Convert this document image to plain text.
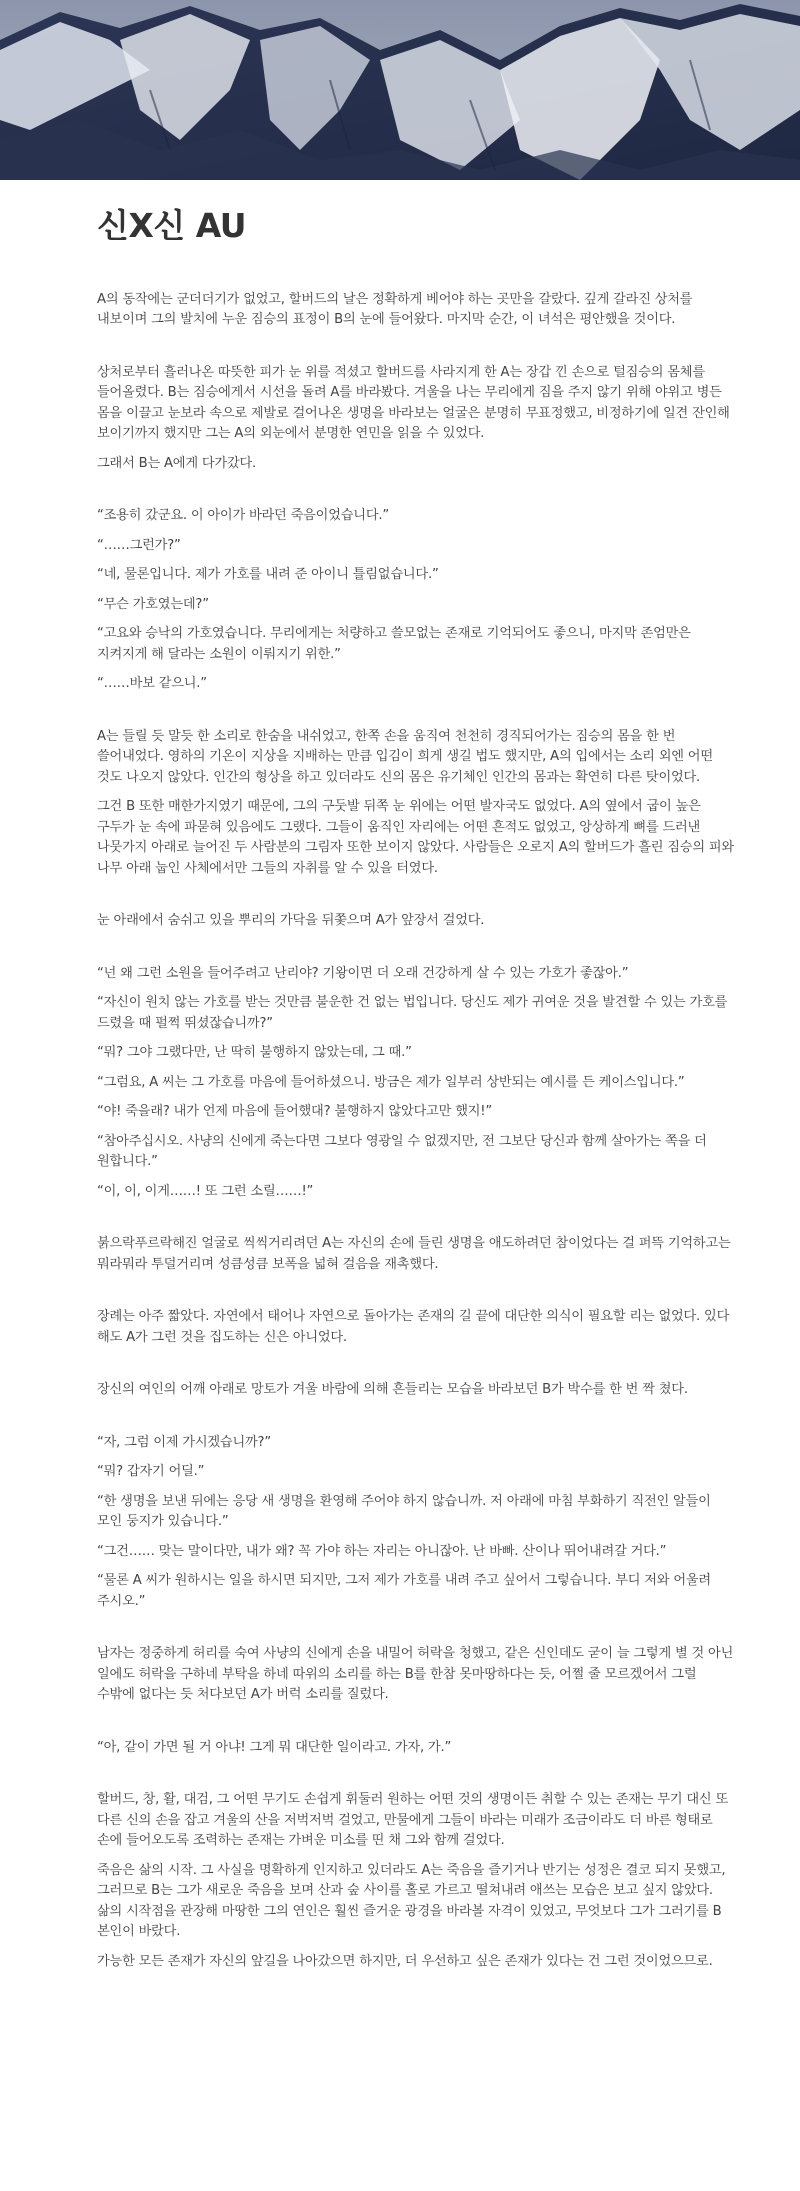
신X신 AU

A의 동작에는 군더더기가 없었고, 할버드의 날은 정확하게 베어야 하는 곳만을 갈랐다. 깊게 갈라진 상처를 내보이며 그의 발치에 누운 짐승의 표정이 B의 눈에 들어왔다. 마지막 순간, 이 녀석은 평안했을 것이다.

상처로부터 흘러나온 따뜻한 피가 눈 위를 적셨고 할버드를 사라지게 한 A는 장갑 낀 손으로 털짐승의 몸체를 들어올렸다. B는 짐승에게서 시선을 돌려 A를 바라봤다. 겨울을 나는 무리에게 짐을 주지 않기 위해 야위고 병든 몸을 이끌고 눈보라 속으로 제발로 걸어나온 생명을 바라보는 얼굴은 분명히 무표정했고, 비정하기에 일견 잔인해 보이기까지 했지만 그는 A의 외눈에서 분명한 연민을 읽을 수 있었다.

그래서 B는 A에게 다가갔다.

“조용히 갔군요. 이 아이가 바라던 죽음이었습니다.”

“……그런가?”

“네, 물론입니다. 제가 가호를 내려 준 아이니 틀림없습니다.”

“무슨 가호였는데?”

“고요와 승낙의 가호였습니다. 무리에게는 처량하고 쓸모없는 존재로 기억되어도 좋으니, 마지막 존엄만은 지켜지게 해 달라는 소원이 이뤄지기 위한.”

“……바보 같으니.”

A는 들릴 듯 말듯 한 소리로 한숨을 내쉬었고, 한쪽 손을 움직여 천천히 경직되어가는 짐승의 몸을 한 번 쓸어내었다. 영하의 기온이 지상을 지배하는 만큼 입김이 희게 생길 법도 했지만, A의 입에서는 소리 외엔 어떤 것도 나오지 않았다. 인간의 형상을 하고 있더라도 신의 몸은 유기체인 인간의 몸과는 확연히 다른 탓이었다.

그건 B 또한 매한가지였기 때문에, 그의 구둣발 뒤쪽 눈 위에는 어떤 발자국도 없었다. A의 옆에서 굽이 높은 구두가 눈 속에 파묻혀 있음에도 그랬다. 그들이 움직인 자리에는 어떤 흔적도 없었고, 앙상하게 뼈를 드러낸 나뭇가지 아래로 늘어진 두 사람분의 그림자 또한 보이지 않았다. 사람들은 오로지 A의 할버드가 흘린 짐승의 피와 나무 아래 눕인 사체에서만 그들의 자취를 알 수 있을 터였다.

눈 아래에서 숨쉬고 있을 뿌리의 가닥을 뒤쫓으며 A가 앞장서 걸었다.

“넌 왜 그런 소원을 들어주려고 난리야? 기왕이면 더 오래 건강하게 살 수 있는 가호가 좋잖아.”

“자신이 원치 않는 가호를 받는 것만큼 불운한 건 없는 법입니다. 당신도 제가 귀여운 것을 발견할 수 있는 가호를 드렸을 때 펄쩍 뛰셨잖습니까?”

“뭐? 그야 그랬다만, 난 딱히 불행하지 않았는데, 그 때.”

“그럼요, A 씨는 그 가호를 마음에 들어하셨으니. 방금은 제가 일부러 상반되는 예시를 든 케이스입니다.”

“야! 죽을래? 내가 언제 마음에 들어했대? 불행하지 않았다고만 했지!”

“참아주십시오. 사냥의 신에게 죽는다면 그보다 영광일 수 없겠지만, 전 그보단 당신과 함께 살아가는 쪽을 더 원합니다.”

“이, 이, 이게……! 또 그런 소릴……!”

붉으락푸르락해진 얼굴로 씩씩거리려던 A는 자신의 손에 들린 생명을 애도하려던 참이었다는 걸 퍼뜩 기억하고는 뭐라뭐라 투덜거리며 성큼성큼 보폭을 넓혀 걸음을 재촉했다.

장례는 아주 짧았다. 자연에서 태어나 자연으로 돌아가는 존재의 길 끝에 대단한 의식이 필요할 리는 없었다. 있다 해도 A가 그런 것을 집도하는 신은 아니었다.

장신의 여인의 어깨 아래로 망토가 겨울 바람에 의해 흔들리는 모습을 바라보던 B가 박수를 한 번 짝 쳤다.

“자, 그럼 이제 가시겠습니까?”

“뭐? 갑자기 어딜.”

“한 생명을 보낸 뒤에는 응당 새 생명을 환영해 주어야 하지 않습니까. 저 아래에 마침 부화하기 직전인 알들이 모인 둥지가 있습니다.”

“그건…… 맞는 말이다만, 내가 왜? 꼭 가야 하는 자리는 아니잖아. 난 바빠. 산이나 뛰어내려갈 거다.”

“물론 A 씨가 원하시는 일을 하시면 되지만, 그저 제가 가호를 내려 주고 싶어서 그렇습니다. 부디 저와 어울려 주시오.”

남자는 정중하게 허리를 숙여 사냥의 신에게 손을 내밀어 허락을 청했고, 같은 신인데도 굳이 늘 그렇게 별 것 아닌 일에도 허락을 구하네 부탁을 하네 따위의 소리를 하는 B를 한참 못마땅하다는 듯, 어쩔 줄 모르겠어서 그럴 수밖에 없다는 듯 처다보던 A가 버럭 소리를 질렀다.

“아, 같이 가면 될 거 아냐! 그게 뭐 대단한 일이라고. 가자, 가.”

할버드, 창, 활, 대검, 그 어떤 무기도 손쉽게 휘둘러 원하는 어떤 것의 생명이든 취할 수 있는 존재는 무기 대신 또 다른 신의 손을 잡고 겨울의 산을 저벅저벅 걸었고, 만물에게 그들이 바라는 미래가 조금이라도 더 바른 형태로 손에 들어오도록 조력하는 존재는 가벼운 미소를 띤 채 그와 함께 걸었다.

죽음은 삶의 시작. 그 사실을 명확하게 인지하고 있더라도 A는 죽음을 즐기거나 반기는 성정은 결코 되지 못했고, 그러므로 B는 그가 새로운 죽음을 보며 산과 숲 사이를 홀로 가르고 떨쳐내려 애쓰는 모습은 보고 싶지 않았다. 삶의 시작점을 관장해 마땅한 그의 연인은 훨씬 즐거운 광경을 바라볼 자격이 있었고, 무엇보다 그가 그러기를 B 본인이 바랐다.

가능한 모든 존재가 자신의 앞길을 나아갔으면 하지만, 더 우선하고 싶은 존재가 있다는 건 그런 것이었으므로.
